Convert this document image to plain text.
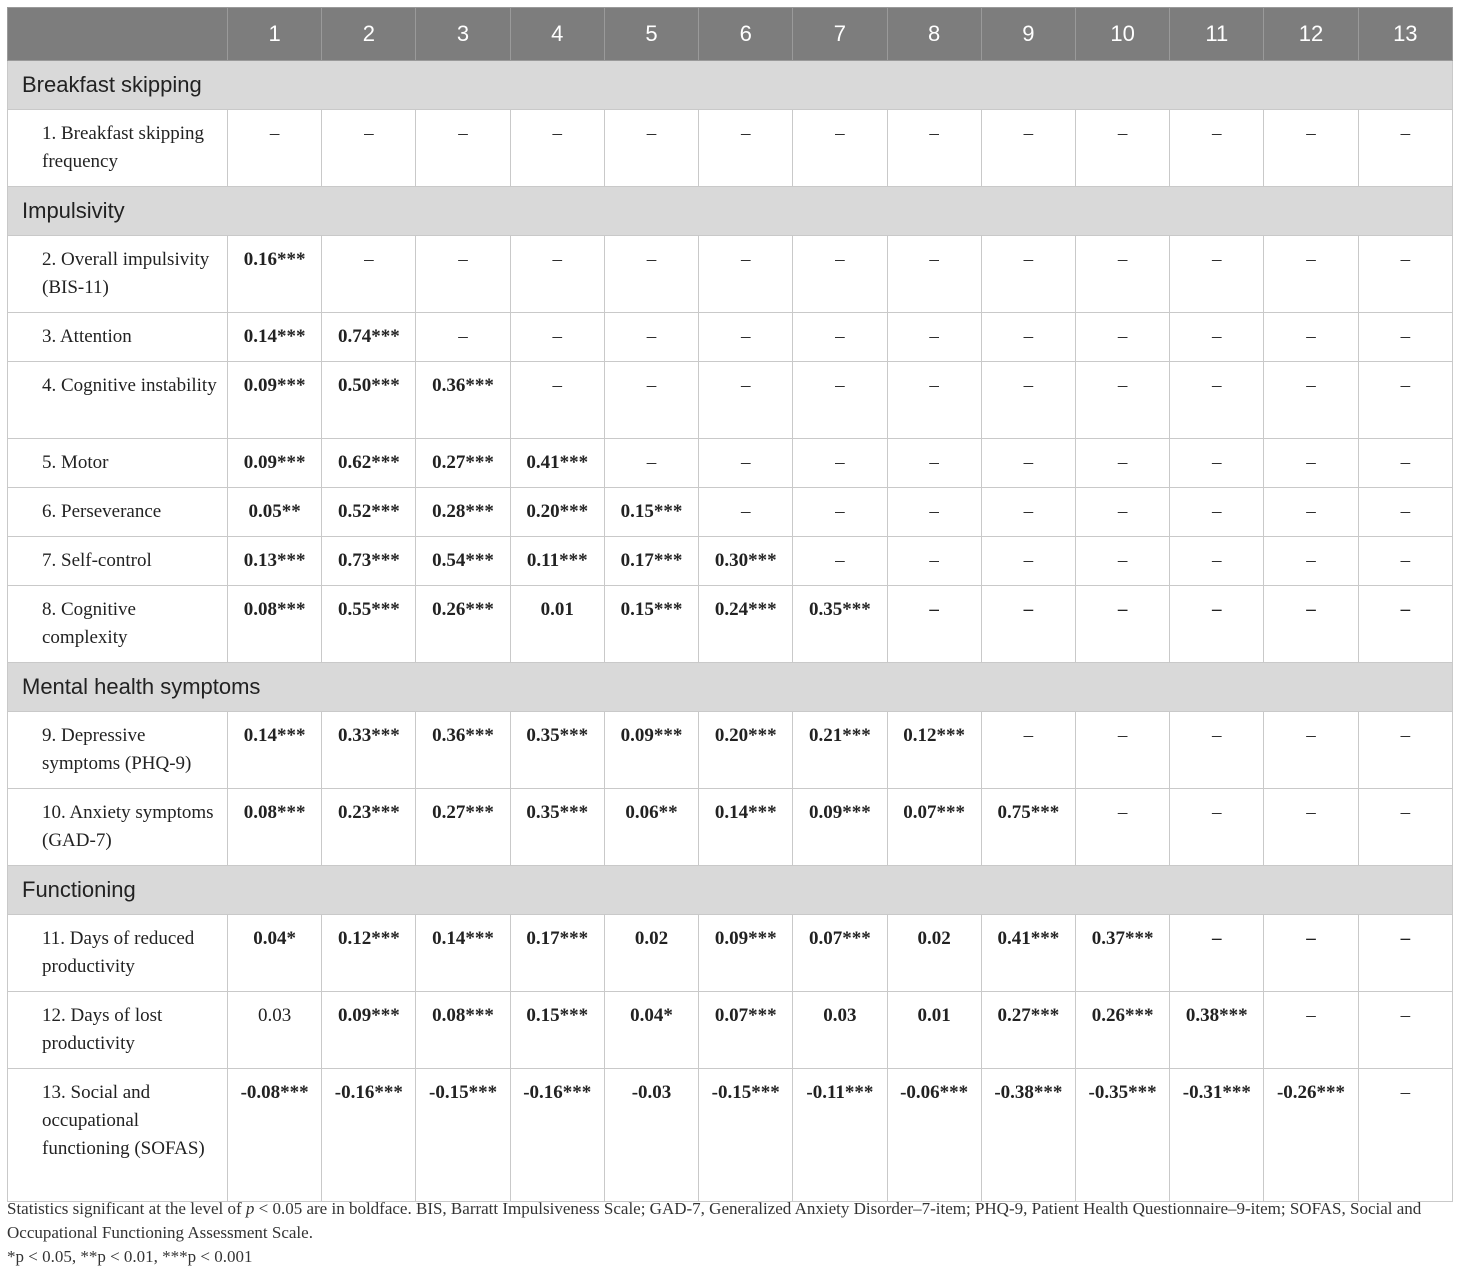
	1	2	3	4	5	6	7	8	9	10	11	12	13
Breakfast skipping													
1. Breakfast skipping frequency	–	–	–	–	–	–	–	–	–	–	–	–	–
Impulsivity													
2. Overall impulsivity (BIS-11)	0.16***	–	–	–	–	–	–	–	–	–	–	–	–
3. Attention	0.14***	0.74***	–	–	–	–	–	–	–	–	–	–	–
4. Cognitive instability	0.09***	0.50***	0.36***	–	–	–	–	–	–	–	–	–	–
5. Motor	0.09***	0.62***	0.27***	0.41***	–	–	–	–	–	–	–	–	–
6. Perseverance	0.05**	0.52***	0.28***	0.20***	0.15***	–	–	–	–	–	–	–	–
7. Self-control	0.13***	0.73***	0.54***	0.11***	0.17***	0.30***	–	–	–	–	–	–	–
8. Cognitive complexity	0.08***	0.55***	0.26***	0.01	0.15***	0.24***	0.35***	–	–	–	–	–	–
Mental health symptoms													
9. Depressive symptoms (PHQ-9)	0.14***	0.33***	0.36***	0.35***	0.09***	0.20***	0.21***	0.12***	–	–	–	–	–
10. Anxiety symptoms (GAD-7)	0.08***	0.23***	0.27***	0.35***	0.06**	0.14***	0.09***	0.07***	0.75***	–	–	–	–
Functioning													
11. Days of reduced productivity	0.04*	0.12***	0.14***	0.17***	0.02	0.09***	0.07***	0.02	0.41***	0.37***	–	–	–
12. Days of lost productivity	0.03	0.09***	0.08***	0.15***	0.04*	0.07***	0.03	0.01	0.27***	0.26***	0.38***	–	–
13. Social and occupational functioning (SOFAS)	-0.08***	-0.16***	-0.15***	-0.16***	-0.03	-0.15***	-0.11***	-0.06***	-0.38***	-0.35***	-0.31***	-0.26***	–
Statistics significant at the level of p < 0.05 are in boldface. BIS, Barratt Impulsiveness Scale; GAD-7, Generalized Anxiety Disorder–7-item; PHQ-9, Patient Health Questionnaire–9-item; SOFAS, Social and Occupational Functioning Assessment Scale.
*p < 0.05, **p < 0.01, ***p < 0.001
